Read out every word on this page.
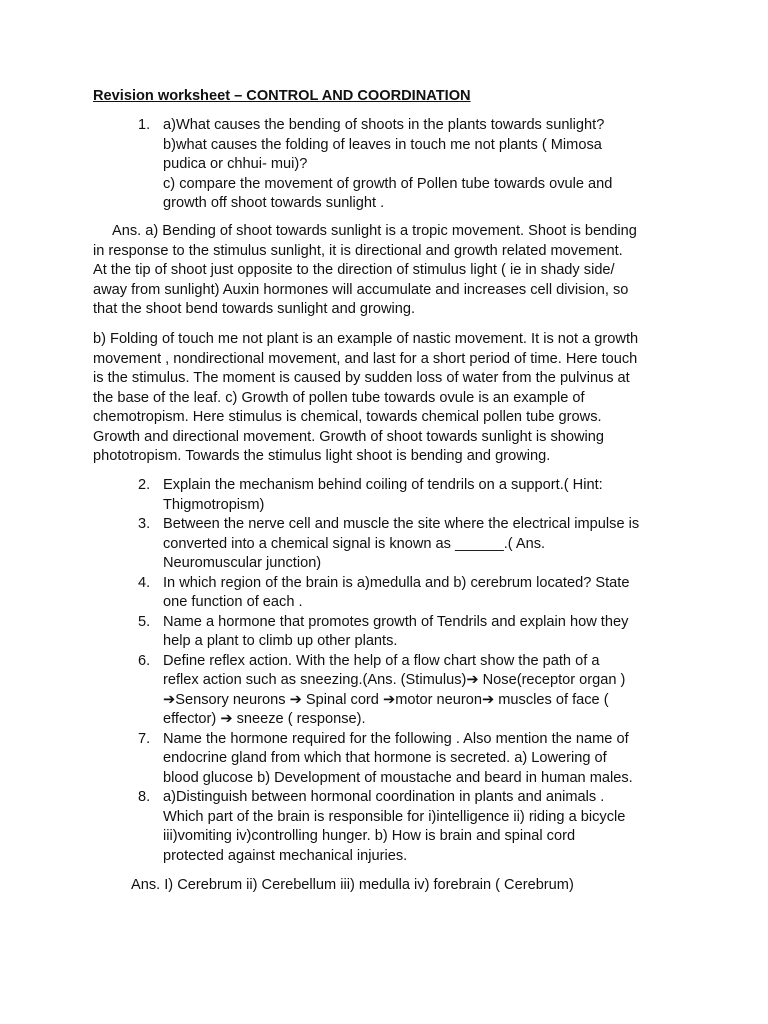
Revision worksheet – CONTROL AND COORDINATION
1. a)What causes the bending of shoots in the plants towards sunlight?
b)what causes the folding of leaves in touch me not plants ( Mimosa
pudica or chhui- mui)?
c) compare the movement of growth of Pollen tube towards ovule and
growth off shoot towards sunlight .
Ans. a) Bending of shoot towards sunlight is a tropic movement. Shoot is bending
in response to the stimulus sunlight, it is directional and growth related movement.
At the tip of shoot just opposite to the direction of stimulus light ( ie in shady side/
away from sunlight) Auxin hormones will accumulate and increases cell division, so
that the shoot bend towards sunlight and growing.
b) Folding of touch me not plant is an example of nastic movement. It is not a growth
movement , nondirectional movement, and last for a short period of time. Here touch
is the stimulus. The moment is caused by sudden loss of water from the pulvinus at
the base of the leaf. c) Growth of pollen tube towards ovule is an example of
chemotropism. Here stimulus is chemical, towards chemical pollen tube grows.
Growth and directional movement. Growth of shoot towards sunlight is showing
phototropism. Towards the stimulus light shoot is bending and growing.
2. Explain the mechanism behind coiling of tendrils on a support.( Hint:
Thigmotropism)
3. Between the nerve cell and muscle the site where the electrical impulse is
converted into a chemical signal is known as ______.( Ans.
Neuromuscular junction)
4. In which region of the brain is a)medulla and b) cerebrum located? State
one function of each .
5. Name a hormone that promotes growth of Tendrils and explain how they
help a plant to climb up other plants.
6. Define reflex action. With the help of a flow chart show the path of a
reflex action such as sneezing.(Ans. (Stimulus)➔ Nose(receptor organ )
➔Sensory neurons ➔ Spinal cord ➔motor neuron➔ muscles of face (
effector) ➔ sneeze ( response).
7. Name the hormone required for the following . Also mention the name of
endocrine gland from which that hormone is secreted. a) Lowering of
blood glucose b) Development of moustache and beard in human males.
8. a)Distinguish between hormonal coordination in plants and animals .
Which part of the brain is responsible for i)intelligence ii) riding a bicycle
iii)vomiting iv)controlling hunger. b) How is brain and spinal cord
protected against mechanical injuries.
Ans. I) Cerebrum ii) Cerebellum iii) medulla iv) forebrain ( Cerebrum)
